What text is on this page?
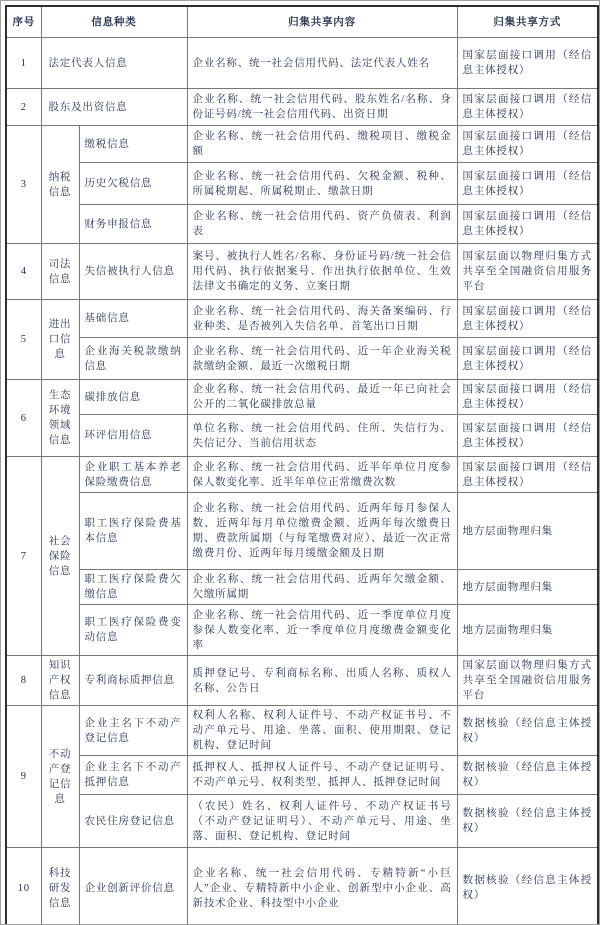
序号	信息种类		归集共享内容	归集共享方式
1	法定代表人信息		企业名称、统一社会信用代码、法定代表人姓名	国家层面接口调用（经信息主体授权）
2	股东及出资信息		企业名称、统一社会信用代码、股东姓名/名称、身份证号码/统一社会信用代码、出资日期	国家层面接口调用（经信息主体授权）
3	纳税信息	缴税信息	企业名称、统一社会信用代码、缴税项目、缴税金额	国家层面接口调用（经信息主体授权）
		历史欠税信息	企业名称、统一社会信用代码、欠税金额、税种、所属税期起、所属税期止、缴款日期	国家层面接口调用（经信息主体授权）
		财务申报信息	企业名称、统一社会信用代码、资产负债表、利润表	国家层面接口调用（经信息主体授权）
4	司法信息	失信被执行人信息	案号、被执行人姓名/名称、身份证号码/统一社会信用代码、执行依据案号、作出执行依据单位、生效法律文书确定的义务、立案日期	国家层面以物理归集方式共享至全国融资信用服务平台
5	进出口信息	基础信息	企业名称、统一社会信用代码、海关备案编码、行业种类、是否被列入失信名单、首笔出口日期	国家层面接口调用（经信息主体授权）
		企业海关税款缴纳信息	企业名称、统一社会信用代码、近一年企业海关税款缴纳金额、最近一次缴税日期	国家层面接口调用（经信息主体授权）
6	生态环境领域信息	碳排放信息	企业名称、统一社会信用代码、最近一年已向社会公开的二氧化碳排放总量	国家层面接口调用（经信息主体授权）
		环评信用信息	单位名称、统一社会信用代码、住所、失信行为、失信记分、当前信用状态	国家层面接口调用（经信息主体授权）
7	社会保险信息	企业职工基本养老保险缴费信息	企业名称、统一社会信用代码、近半年单位月度参保人数变化率、近半年单位正常缴费次数	国家层面接口调用（经信息主体授权）
		职工医疗保险费基本信息	企业名称、统一社会信用代码、近两年每月参保人数、近两年每月单位缴费金额、近两年每次缴费日期、费款所属期（与每笔缴费对应）、最近一次正常缴费月份、近两年每月缓缴金额及日期	地方层面物理归集
		职工医疗保险费欠缴信息	企业名称、统一社会信用代码、近两年欠缴金额、欠缴所属期	地方层面物理归集
		职工医疗保险费变动信息	企业名称、统一社会信用代码、近一季度单位月度参保人数变化率、近一季度单位月度缴费金额变化率	地方层面物理归集
8	知识产权信息	专利商标质押信息	质押登记号、专利商标名称、出质人名称、质权人名称、公告日	国家层面以物理归集方式共享至全国融资信用服务平台
9	不动产登记信息	企业主名下不动产登记信息	权利人名称、权利人证件号、不动产权证书号、不动产单元号、用途、坐落、面积、使用期限、登记机构、登记时间	数据核验（经信息主体授权）
		企业主名下不动产抵押信息	抵押权人、抵押权人证件号、不动产登记证明号、不动产单元号、权利类型、抵押人、抵押登记时间	数据核验（经信息主体授权）
		农民住房登记信息	（农民）姓名、权利人证件号、不动产权证书号（不动产登记证明号）、不动产单元号、用途、坐落、面积、登记机构、登记时间	数据核验（经信息主体授权）
10	科技研发信息	企业创新评价信息	企业名称、统一社会信用代码、专精特新“小巨人”企业、专精特新中小企业、创新型中小企业、高新技术企业、科技型中小企业	数据核验（经信息主体授权）
